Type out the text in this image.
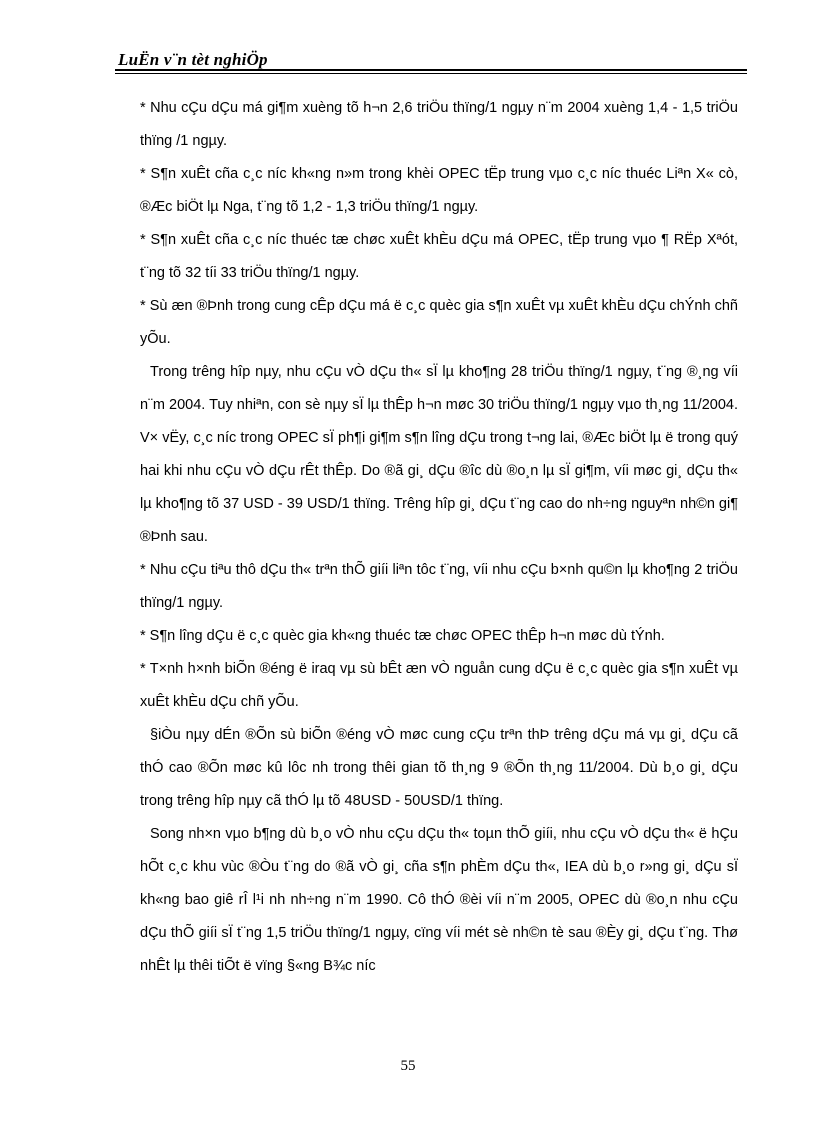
LuËn v¨n tèt nghiÖp

* Nhu cÇu dÇu má gi¶m xuèng tõ h¬n 2,6 triÖu thïng/1 ngµy n¨m 2004 xuèng 1,4 - 1,5 triÖu thïng /1 ngµy.

* S¶n xuÊt cña c¸c níc kh«ng n»m trong khèi OPEC tËp trung vµo c¸c níc thuéc Liªn X« cò, ®Æc biÖt lµ Nga, t¨ng tõ 1,2 - 1,3 triÖu thïng/1 ngµy.

* S¶n xuÊt cña c¸c níc thuéc tæ chøc xuÊt khÈu dÇu má OPEC, tËp trung vµo ¶ RËp Xªót, t¨ng tõ 32 tíi 33 triÖu thïng/1 ngµy.

* Sù æn ®Þnh trong cung cÊp dÇu má ë c¸c quèc gia s¶n xuÊt vµ xuÊt khÈu dÇu chÝnh chñ yÕu.

Trong trêng hîp nµy, nhu cÇu vÒ dÇu th« sÏ lµ kho¶ng 28 triÖu thïng/1 ngµy, t¨ng ®¸ng víi n¨m 2004. Tuy nhiªn, con sè nµy sÏ lµ thÊp h¬n møc 30 triÖu thïng/1 ngµy vµo th¸ng 11/2004. V× vËy, c¸c níc trong OPEC sÏ ph¶i gi¶m s¶n lîng dÇu trong t¬ng lai, ®Æc biÖt lµ ë trong quý hai khi nhu cÇu vÒ dÇu rÊt thÊp. Do ®ã gi¸ dÇu ®îc dù ®o¸n lµ sÏ gi¶m, víi møc gi¸ dÇu th« lµ kho¶ng tõ 37 USD - 39 USD/1 thïng. Trêng hîp gi¸ dÇu t¨ng cao do nh÷ng nguyªn nh©n gi¶ ®Þnh sau.

* Nhu cÇu tiªu thô dÇu th« trªn thÕ giíi liªn tôc t¨ng, víi nhu cÇu b×nh qu©n lµ kho¶ng 2 triÖu thïng/1 ngµy.

* S¶n lîng dÇu ë c¸c quèc gia kh«ng thuéc tæ chøc OPEC thÊp h¬n møc dù tÝnh.

* T×nh h×nh biÕn ®éng ë iraq vµ sù bÊt æn vÒ nguån cung dÇu ë c¸c quèc gia s¶n xuÊt vµ xuÊt khÈu dÇu chñ yÕu.

§iÒu nµy dÉn ®Õn sù biÕn ®éng vÒ møc cung cÇu trªn thÞ trêng dÇu má vµ gi¸ dÇu cã thÓ cao ®Õn møc kû lôc nh trong thêi gian tõ th¸ng 9 ®Õn th¸ng 11/2004. Dù b¸o gi¸ dÇu trong trêng hîp nµy cã thÓ lµ tõ 48USD - 50USD/1 thïng.

Song nh×n vµo b¶ng dù b¸o vÒ nhu cÇu dÇu th« toµn thÕ giíi, nhu cÇu vÒ dÇu th« ë hÇu hÕt c¸c khu vùc ®Òu t¨ng do ®ã vÒ gi¸ cña s¶n phÈm dÇu th«, IEA dù b¸o r»ng gi¸ dÇu sÏ kh«ng bao giê rÎ l¹i nh nh÷ng n¨m 1990. Cô thÓ ®èi víi n¨m 2005, OPEC dù ®o¸n nhu cÇu dÇu thÕ giíi sÏ t¨ng 1,5 triÖu thïng/1 ngµy, cïng víi mét sè nh©n tè sau ®Èy gi¸ dÇu t¨ng. Thø nhÊt lµ thêi tiÕt ë vïng §«ng B¾c níc

55
